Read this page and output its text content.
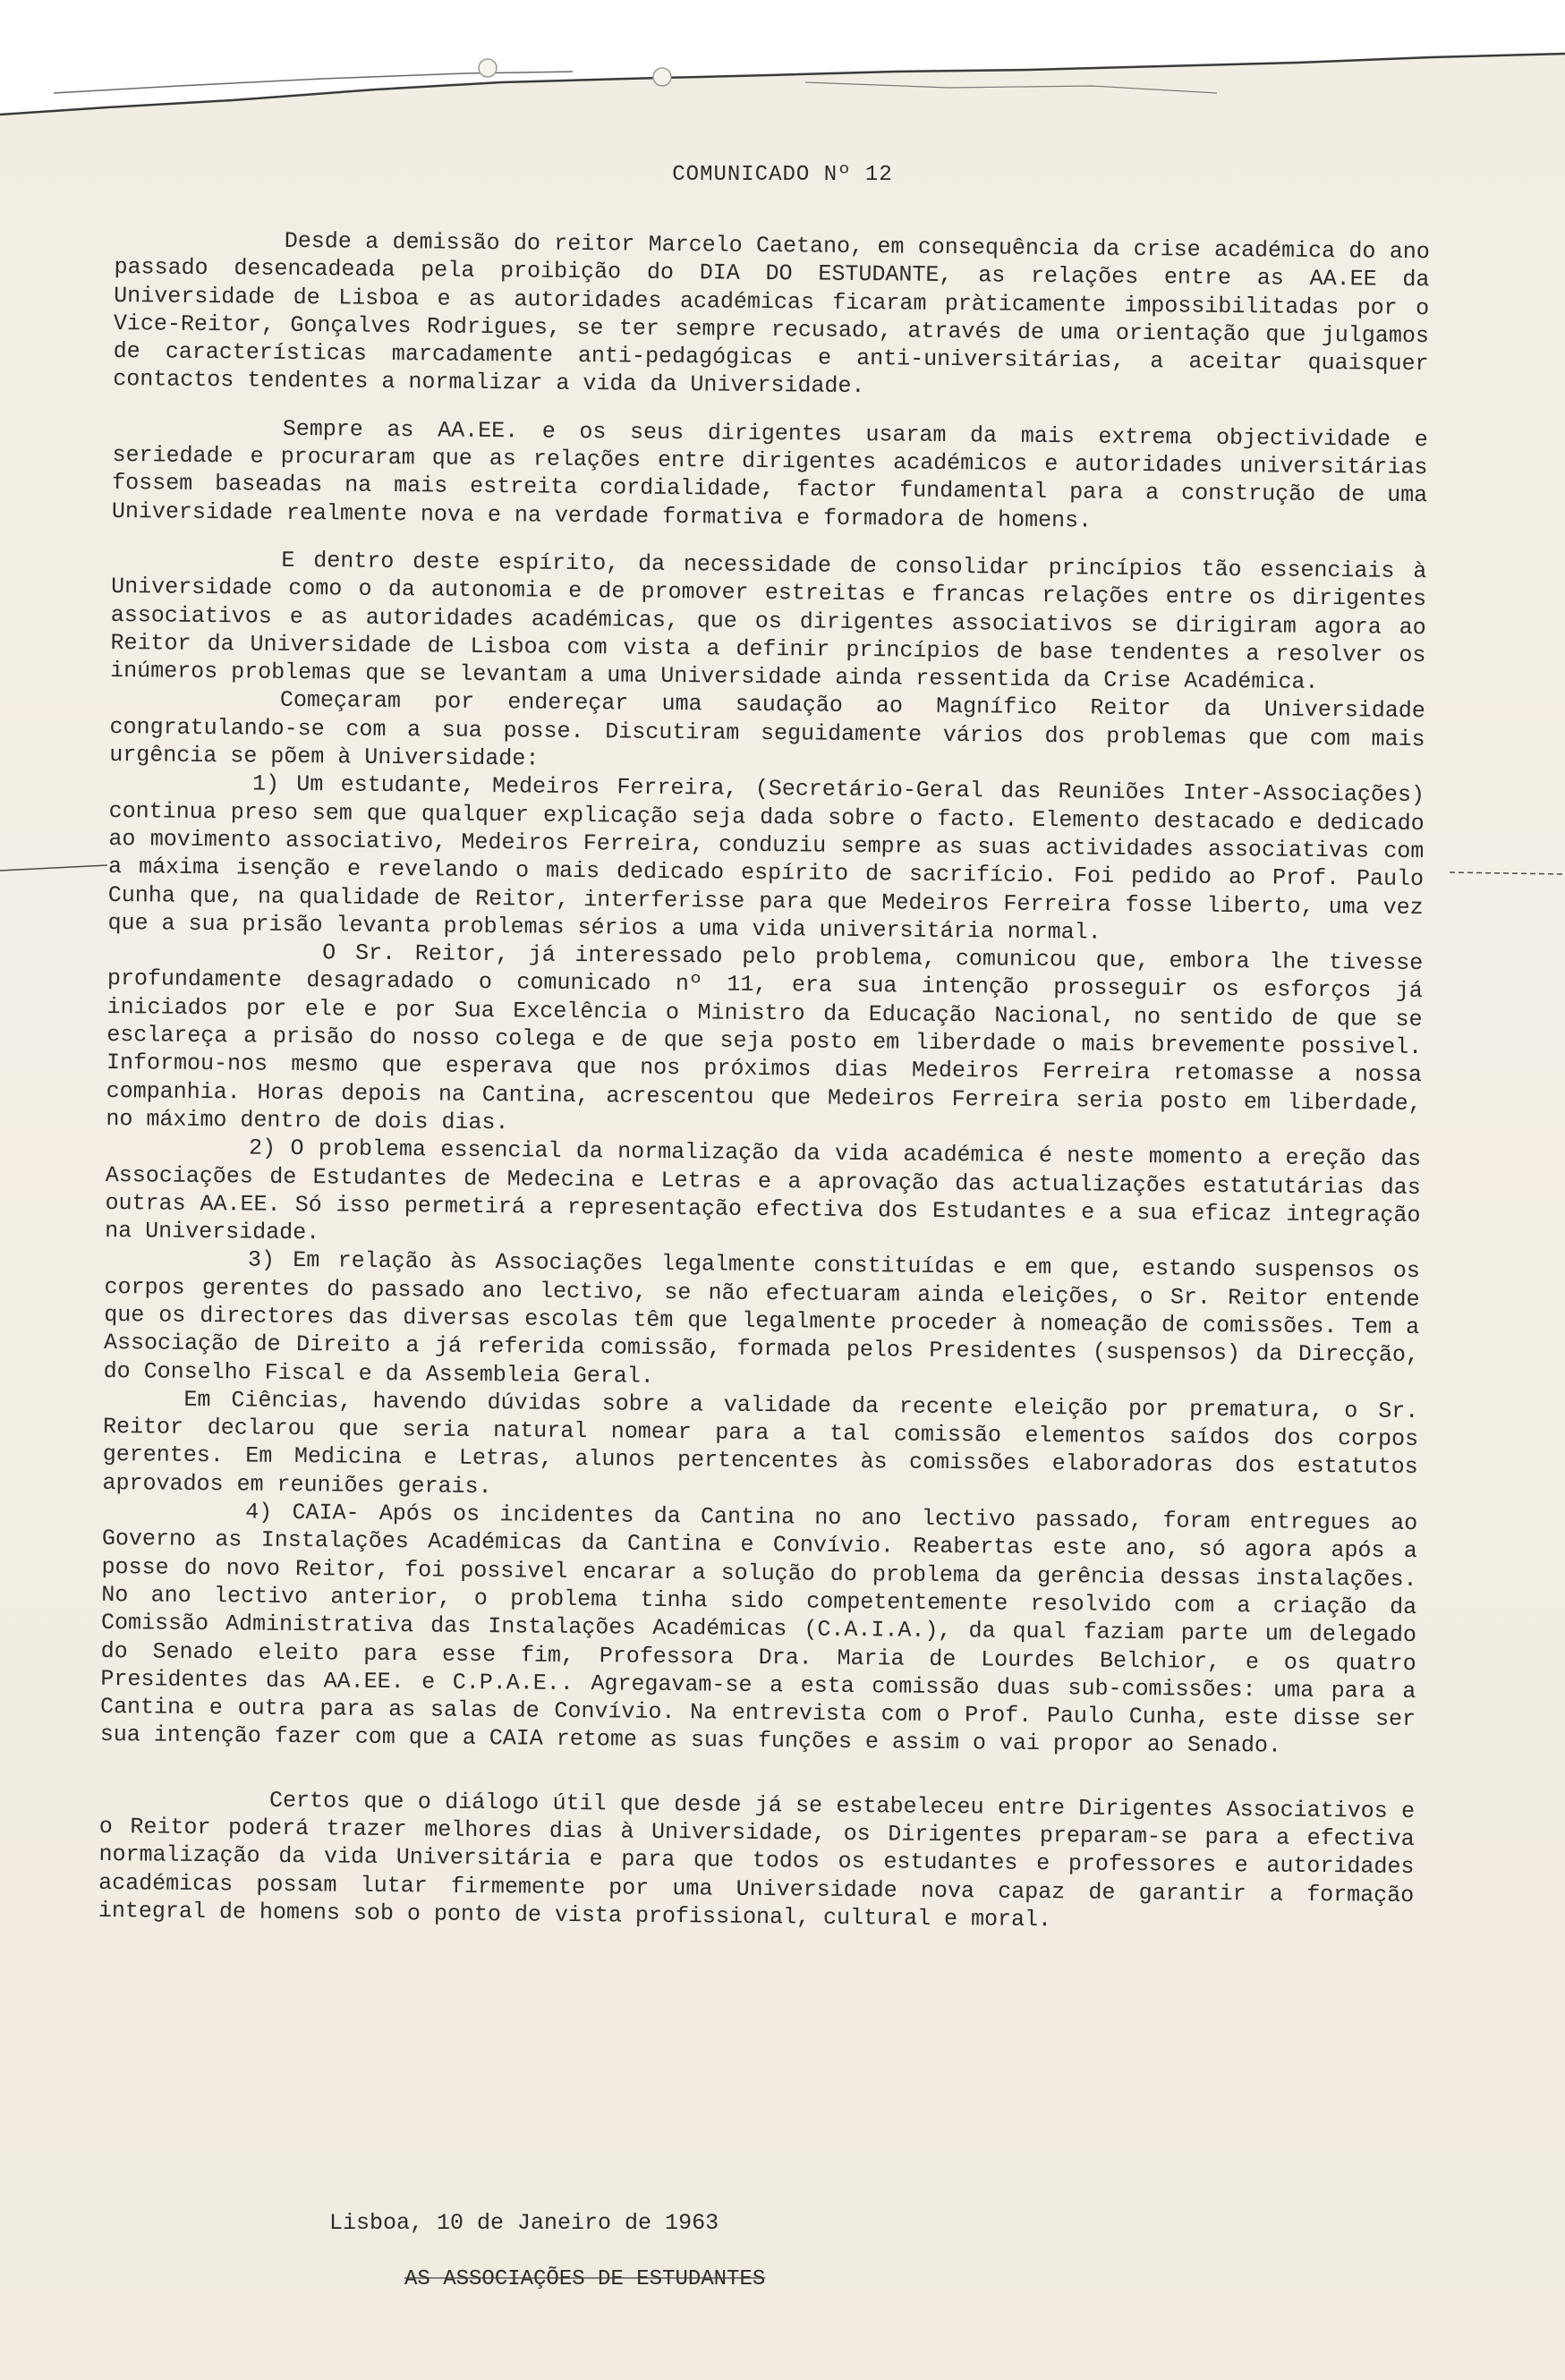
COMUNICADO Nº 12

Desde a demissão do reitor Marcelo Caetano, em consequência da crise académica do ano passado desencadeada pela proibição do DIA DO ESTUDANTE, as relações entre as AA.EE da Universidade de Lisboa e as autoridades académicas ficaram pràticamente impossibilitadas por o Vice-Reitor, Gonçalves Rodrigues, se ter sempre recusado, através de uma orientação que julgamos de características marcadamente anti-pedagógicas e anti-universitárias, a aceitar quaisquer contactos tendentes a normalizar a vida da Universidade.

Sempre as AA.EE. e os seus dirigentes usaram da mais extrema objectividade e seriedade e procuraram que as relações entre dirigentes académicos e autoridades universitárias fossem baseadas na mais estreita cordialidade, factor fundamental para a construção de uma Universidade realmente nova e na verdade formativa e formadora de homens.

E dentro deste espírito, da necessidade de consolidar princípios tão essenciais à Universidade como o da autonomia e de promover estreitas e francas relações entre os dirigentes associativos e as autoridades académicas, que os dirigentes associativos se dirigiram agora ao Reitor da Universidade de Lisboa com vista a definir princípios de base tendentes a resolver os inúmeros problemas que se levantam a uma Universidade ainda ressentida da Crise Académica.

Começaram por endereçar uma saudação ao Magnífico Reitor da Universidade congratulando-se com a sua posse. Discutiram seguidamente vários dos problemas que com mais urgência se põem à Universidade:

1) Um estudante, Medeiros Ferreira, (Secretário-Geral das Reuniões Inter-Associações) continua preso sem que qualquer explicação seja dada sobre o facto. Elemento destacado e dedicado ao movimento associativo, Medeiros Ferreira, conduziu sempre as suas actividades associativas com a máxima isenção e revelando o mais dedicado espírito de sacrifício. Foi pedido ao Prof. Paulo Cunha que, na qualidade de Reitor, interferisse para que Medeiros Ferreira fosse liberto, uma vez que a sua prisão levanta problemas sérios a uma vida universitária normal.

O Sr. Reitor, já interessado pelo problema, comunicou que, embora lhe tivesse profundamente desagradado o comunicado nº 11, era sua intenção prosseguir os esforços já iniciados por ele e por Sua Excelência o Ministro da Educação Nacional, no sentido de que se esclareça a prisão do nosso colega e de que seja posto em liberdade o mais brevemente possivel. Informou-nos mesmo que esperava que nos próximos dias Medeiros Ferreira retomasse a nossa companhia. Horas depois na Cantina, acrescentou que Medeiros Ferreira seria posto em liberdade, no máximo dentro de dois dias.

2) O problema essencial da normalização da vida académica é neste momento a ereção das Associações de Estudantes de Medecina e Letras e a aprovação das actualizações estatutárias das outras AA.EE. Só isso permetirá a representação efectiva dos Estudantes e a sua eficaz integração na Universidade.

3) Em relação às Associações legalmente constituídas e em que, estando suspensos os corpos gerentes do passado ano lectivo, se não efectuaram ainda eleições, o Sr. Reitor entende que os directores das diversas escolas têm que legalmente proceder à nomeação de comissões. Tem a Associação de Direito a já referida comissão, formada pelos Presidentes (suspensos) da Direcção, do Conselho Fiscal e da Assembleia Geral.

Em Ciências, havendo dúvidas sobre a validade da recente eleição por prematura, o Sr. Reitor declarou que seria natural nomear para a tal comissão elementos saídos dos corpos gerentes. Em Medicina e Letras, alunos pertencentes às comissões elaboradoras dos estatutos aprovados em reuniões gerais.

4) CAIA- Após os incidentes da Cantina no ano lectivo passado, foram entregues ao Governo as Instalações Académicas da Cantina e Convívio. Reabertas este ano, só agora após a posse do novo Reitor, foi possivel encarar a solução do problema da gerência dessas instalações. No ano lectivo anterior, o problema tinha sido competentemente resolvido com a criação da Comissão Administrativa das Instalações Académicas (C.A.I.A.), da qual faziam parte um delegado do Senado eleito para esse fim, Professora Dra. Maria de Lourdes Belchior, e os quatro Presidentes das AA.EE. e C.P.A.E.. Agregavam-se a esta comissão duas sub-comissões: uma para a Cantina e outra para as salas de Convívio. Na entrevista com o Prof. Paulo Cunha, este disse ser sua intenção fazer com que a CAIA retome as suas funções e assim o vai propor ao Senado.

Certos que o diálogo útil que desde já se estabeleceu entre Dirigentes Associativos e o Reitor poderá trazer melhores dias à Universidade, os Dirigentes preparam-se para a efectiva normalização da vida Universitária e para que todos os estudantes e professores e autoridades académicas possam lutar firmemente por uma Universidade nova capaz de garantir a formação integral de homens sob o ponto de vista profissional, cultural e moral.

Lisboa, 10 de Janeiro de 1963
AS ASSOCIAÇÕES DE ESTUDANTES
